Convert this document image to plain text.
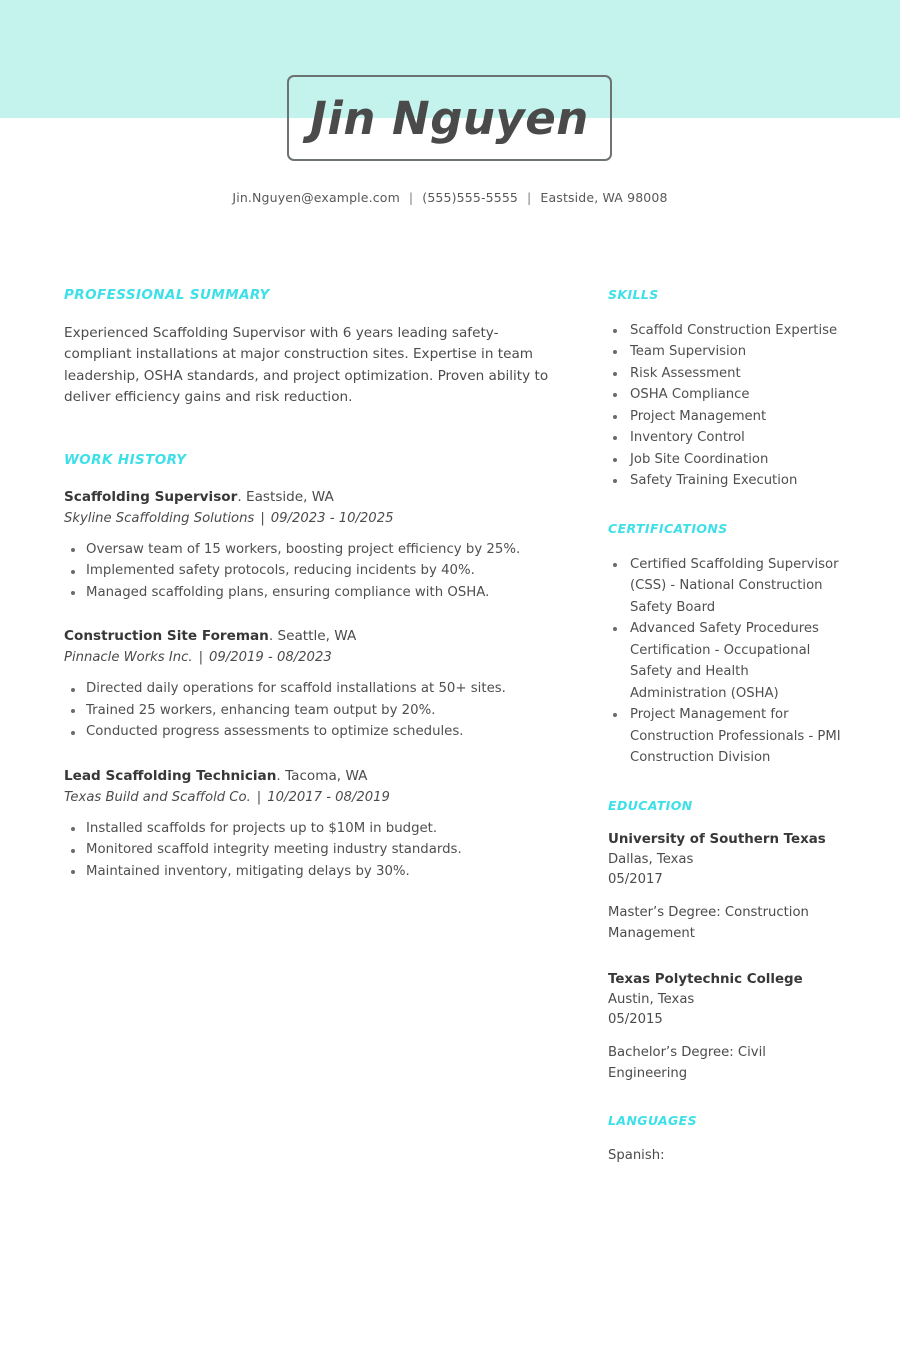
Jin Nguyen
Jin.Nguyen@example.com | (555)555-5555 | Eastside, WA 98008
PROFESSIONAL SUMMARY

Experienced Scaffolding Supervisor with 6 years leading safety-compliant installations at major construction sites. Expertise in team leadership, OSHA standards, and project optimization. Proven ability to deliver efficiency gains and risk reduction.

WORK HISTORY
Scaffolding Supervisor. Eastside, WA
Skyline Scaffolding Solutions | 09/2023 - 10/2025
Oversaw team of 15 workers, boosting project efficiency by 25%.
Implemented safety protocols, reducing incidents by 40%.
Managed scaffolding plans, ensuring compliance with OSHA.
Construction Site Foreman. Seattle, WA
Pinnacle Works Inc. | 09/2019 - 08/2023
Directed daily operations for scaffold installations at 50+ sites.
Trained 25 workers, enhancing team output by 20%.
Conducted progress assessments to optimize schedules.
Lead Scaffolding Technician. Tacoma, WA
Texas Build and Scaffold Co. | 10/2017 - 08/2019
Installed scaffolds for projects up to $10M in budget.
Monitored scaffold integrity meeting industry standards.
Maintained inventory, mitigating delays by 30%.
SKILLS
Scaffold Construction Expertise
Team Supervision
Risk Assessment
OSHA Compliance
Project Management
Inventory Control
Job Site Coordination
Safety Training Execution
CERTIFICATIONS
Certified Scaffolding Supervisor (CSS) - National Construction Safety Board
Advanced Safety Procedures Certification - Occupational Safety and Health Administration (OSHA)
Project Management for Construction Professionals - PMI Construction Division
EDUCATION
University of Southern Texas
Dallas, Texas
05/2017
Master’s Degree: Construction Management
Texas Polytechnic College
Austin, Texas
05/2015
Bachelor’s Degree: Civil Engineering
LANGUAGES
Spanish:
